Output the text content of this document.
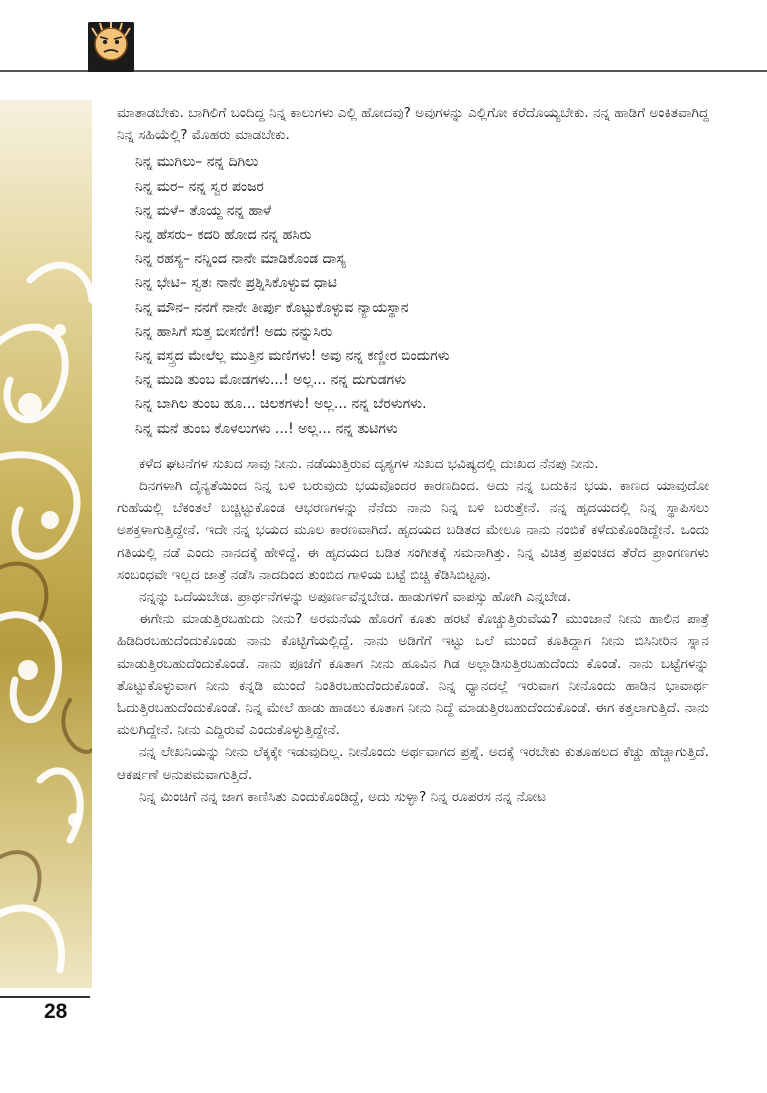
ಮಾತಾಡಬೇಕು. ಬಾಗಿಲಿಗೆ ಬಂದಿದ್ದ ನಿನ್ನ ಕಾಲುಗಳು ಎಲ್ಲಿ ಹೋದವು? ಅವುಗಳನ್ನು ಎಲ್ಲಿಗೋ ಕರೆದೊಯ್ಯಬೇಕು. ನನ್ನ ಹಾಡಿಗೆ ಅಂಕಿತವಾಗಿದ್ದ ನಿನ್ನ ಸಹಿಯೆಲ್ಲಿ? ಮೊಹರು ಮಾಡಬೇಕು.

ನಿನ್ನ ಮುಗಿಲು– ನನ್ನ ದಿಗಿಲು
ನಿನ್ನ ಮರ– ನನ್ನ ಸ್ವರ ಪಂಜರ
ನಿನ್ನ ಮಳೆ– ತೊಯ್ದ ನನ್ನ ಹಾಳೆ
ನಿನ್ನ ಹೆಸರು– ಕದರಿ ಹೋದ ನನ್ನ ಹಸಿರು
ನಿನ್ನ ರಹಸ್ಯ– ನನ್ನಿಂದ ನಾನೇ ಮಾಡಿಕೊಂಡ ದಾಸ್ಯ
ನಿನ್ನ ಭೇಟಿ– ಸ್ವತಃ ನಾನೇ ಪ್ರಶ್ನಿಸಿಕೊಳ್ಳುವ ಧಾಟಿ
ನಿನ್ನ ಮೌನ– ನನಗೆ ನಾನೇ ತೀರ್ಪು ಕೊಟ್ಟುಕೊಳ್ಳುವ ನ್ಯಾಯಸ್ಥಾನ
ನಿನ್ನ ಹಾಸಿಗೆ ಸುತ್ತ ಬೀಸಣಿಗೆ! ಅದು ನನ್ನುಸಿರು
ನಿನ್ನ ವಸ್ತ್ರದ ಮೇಲೆಲ್ಲ ಮುತ್ತಿನ ಮಣಿಗಳು! ಅವು ನನ್ನ ಕಣ್ಣೀರ ಬಿಂದುಗಳು
ನಿನ್ನ ಮುಡಿ ತುಂಬ ಮೋಡಗಳು...! ಅಲ್ಲ... ನನ್ನ ದುಗುಡಗಳು
ನಿನ್ನ ಬಾಗಿಲ ತುಂಬ ಹೂ... ಚಿಲಕಗಳು! ಅಲ್ಲ... ನನ್ನ ಬೆರಳುಗಳು.
ನಿನ್ನ ಮನೆ ತುಂಬ ಕೊಳಲುಗಳು ...! ಅಲ್ಲ... ನನ್ನ ತುಟಿಗಳು

ಕಳೆದ ಘಟನೆಗಳ ಸುಖದ ಸಾವು ನೀನು. ನಡೆಯುತ್ತಿರುವ ದೃಶ್ಯಗಳ ಸುಖದ ಭವಿಷ್ಯದಲ್ಲಿ ದುಃಖದ ನೆನಪು ನೀನು.

ದಿನಗಳಾಗಿ ದೈನ್ಯತೆಯಿಂದ ನಿನ್ನ ಬಳಿ ಬರುವುದು ಭಯವೊಂದರ ಕಾರಣದಿಂದ. ಅದು ನನ್ನ ಬದುಕಿನ ಭಯ. ಕಾಣದ ಯಾವುದೋ ಗುಹೆಯಲ್ಲಿ ಬೆಕಂತಲೆ ಬಚ್ಚಿಟ್ಟುಕೊಂಡ ಆಭರಣಗಳನ್ನು ನೆನೆದು ನಾನು ನಿನ್ನ ಬಳಿ ಬರುತ್ತೇನೆ. ನನ್ನ ಹೃದಯದಲ್ಲಿ ನಿನ್ನ ಸ್ಥಾಪಿಸಲು ಅಶಕ್ತಳಾಗುತ್ತಿದ್ದೇನೆ. ಇದೇ ನನ್ನ ಭಯದ ಮೂಲ ಕಾರಣವಾಗಿದೆ. ಹೃದಯದ ಬಡಿತದ ಮೇಲೂ ನಾನು ನಂಬಿಕೆ ಕಳೆದುಕೊಂಡಿದ್ದೇನೆ. ಒಂದು ಗತಿಯಲ್ಲಿ ನಡೆ ಎಂದು ನಾನದಕ್ಕೆ ಹೇಳಿದ್ದೆ. ಈ ಹೃದಯದ ಬಡಿತ ಸಂಗೀತಕ್ಕೆ ಸಮನಾಗಿತ್ತು. ನಿನ್ನ ವಿಚಿತ್ರ ಪ್ರಪಂಚದ ತೆರೆದ ಪ್ರಾಂಗಣಗಳು ಸಂಬಂಧವೇ ಇಲ್ಲದ ಜಾತ್ರೆ ನಡೆಸಿ ನಾದದಿಂದ ತುಂಬಿದ ಗಾಳಿಯ ಬಟ್ಟೆ ಬಿಚ್ಚಿ ಕೆಡಿಸಿಬಿಟ್ಟವು.

ನನ್ನನ್ನು ಒದೆಯಬೇಡ. ಪ್ರಾರ್ಥನೆಗಳನ್ನು ಅಪೂರ್ಣವೆನ್ನಬೇಡ. ಹಾಡುಗಳಿಗೆ ವಾಪಸ್ಸು ಹೋಗಿ ಎನ್ನಬೇಡ.

ಈಗೇನು ಮಾಡುತ್ತಿರಬಹುದು ನೀನು? ಅರಮನೆಯ ಹೊರಗೆ ಕೂತು ಹರಟೆ ಕೊಚ್ಚುತ್ತಿರುವೆಯ? ಮುಂಜಾನೆ ನೀನು ಹಾಲಿನ ಪಾತ್ರೆ ಹಿಡಿದಿರಬಹುದೆಂದುಕೊಂಡು ನಾನು ಕೊಟ್ಟಿಗೆಯಲ್ಲಿದ್ದೆ. ನಾನು ಅಡಿಗೆಗೆ ಇಟ್ಟು ಒಲೆ ಮುಂದೆ ಕೂತಿದ್ದಾಗ ನೀನು ಬಿಸಿನೀರಿನ ಸ್ನಾನ ಮಾಡುತ್ತಿರಬಹುದೆಂದುಕೊಂಡೆ. ನಾನು ಪೂಜೆಗೆ ಕೂತಾಗ ನೀನು ಹೂವಿನ ಗಿಡ ಅಲ್ಲಾಡಿಸುತ್ತಿರಬಹುದೆಂದು ಕೊಂಡೆ. ನಾನು ಬಟ್ಟೆಗಳನ್ನು ತೊಟ್ಟುಕೊಳ್ಳುವಾಗ ನೀನು ಕನ್ನಡಿ ಮುಂದೆ ನಿಂತಿರಬಹುದೆಂದುಕೊಂಡೆ. ನಿನ್ನ ಧ್ಯಾನದಲ್ಲೆ ಇರುವಾಗ ನೀನೊಂದು ಹಾಡಿನ ಭಾವಾರ್ಥ ಓದುತ್ತಿರಬಹುದೆಂದುಕೊಂಡೆ. ನಿನ್ನ ಮೇಲೆ ಹಾಡು ಹಾಡಲು ಕೂತಾಗ ನೀನು ನಿದ್ದೆ ಮಾಡುತ್ತಿರಬಹುದೆಂದುಕೊಂಡೆ. ಈಗ ಕತ್ತಲಾಗುತ್ತಿದೆ. ನಾನು ಮಲಗಿದ್ದೇನೆ. ನೀನು ಎದ್ದಿರುವೆ ಎಂದುಕೊಳ್ಳುತ್ತಿದ್ದೇನೆ.

ನನ್ನ ಲೇಖನಿಯನ್ನು ನೀನು ಲೆಕ್ಕಕ್ಕೇ ಇಡುವುದಿಲ್ಲ. ನೀನೊಂದು ಅರ್ಥವಾಗದ ಪ್ರಶ್ನೆ. ಅದಕ್ಕೆ ಇರಬೇಕು ಕುತೂಹಲದ ಕೆಚ್ಚು ಹೆಚ್ಚಾಗುತ್ತಿದೆ. ಆಕರ್ಷಣೆ ಅನುಪಮವಾಗುತ್ತಿದೆ.

ನಿನ್ನ ಮಿಂಚಿಗೆ ನನ್ನ ಜಾಗ ಕಾಣಿಸಿತು ಎಂದುಕೊಂಡಿದ್ದೆ, ಅದು ಸುಳ್ಳಾ? ನಿನ್ನ ರೂಪರಸ ನನ್ನ ನೋಟ

28
